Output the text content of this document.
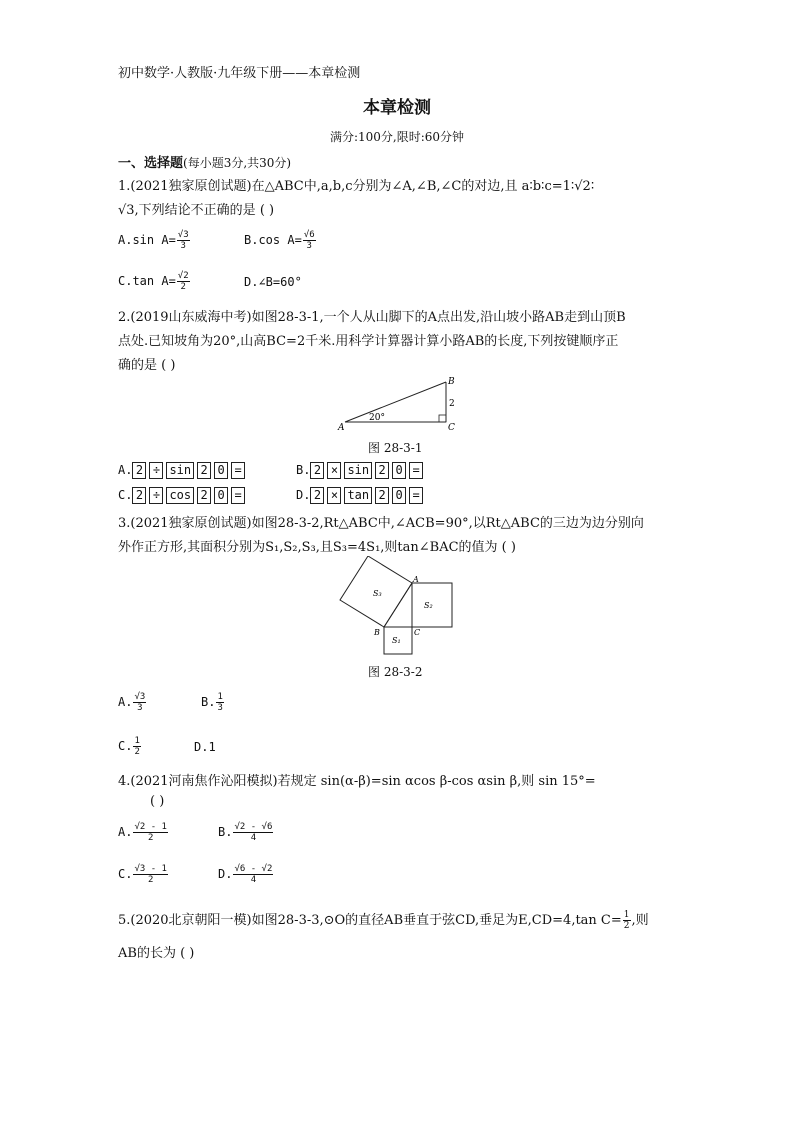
初中数学·人教版·九年级下册——本章检测
本章检测
满分:100分,限时:60分钟
一、选择题(每小题3分,共30分)
1.(2021独家原创试题)在△ABC中,a,b,c分别为∠A,∠B,∠C的对边,且 a∶b∶c=1∶√2∶
√3,下列结论不正确的是 ( )
A.sin $A= \frac{√3}{3}$	B.cos $A= \frac{√6}{3}$
C.tan $A= \frac{√2}{2}$	D.∠B=60°
2.(2019山东威海中考)如图28-3-1,一个人从山脚下的A点出发,沿山坡小路AB走到山顶B
点处.已知坡角为20°,山高BC=2千米.用科学计算器计算小路AB的长度,下列按键顺序正
确的是 ( )
A
B
C
20°
2
图 28-3-1
A. 2 ÷ sin 2 0 =	B. 2 × sin 2 0 =
C. 2 ÷ cos 2 0 =	D. 2 × tan 2 0 =
3.(2021独家原创试题)如图28-3-2,Rt△ABC中,∠ACB=90°,以Rt△ABC的三边为边分别向
外作正方形,其面积分别为S₁,S₂,S₃,且S₃=4S₁,则tan∠BAC的值为 ( )
S₃
S₂
S₁
A
B	C
图 28-3-2
A. $\frac{√3}{3}$	B. $\frac{1}{3}$
C. $\frac{1}{2}$	D.1
4.(2021河南焦作沁阳模拟)若规定 sin(α-β)=sin αcos β-cos αsin β,则 sin 15°=
( )
A. $\frac{√2 - 1}{2}$	B. $\frac{√2 - √6}{4}$
C. $\frac{√3 - 1}{2}$	D. $\frac{√6 - √2}{4}$
5.(2020北京朝阳一模)如图28-3-3,⊙O的直径AB垂直于弦CD,垂足为E,CD=4,tan $C= \frac{1}{2}$ ,则
AB的长为 ( )
